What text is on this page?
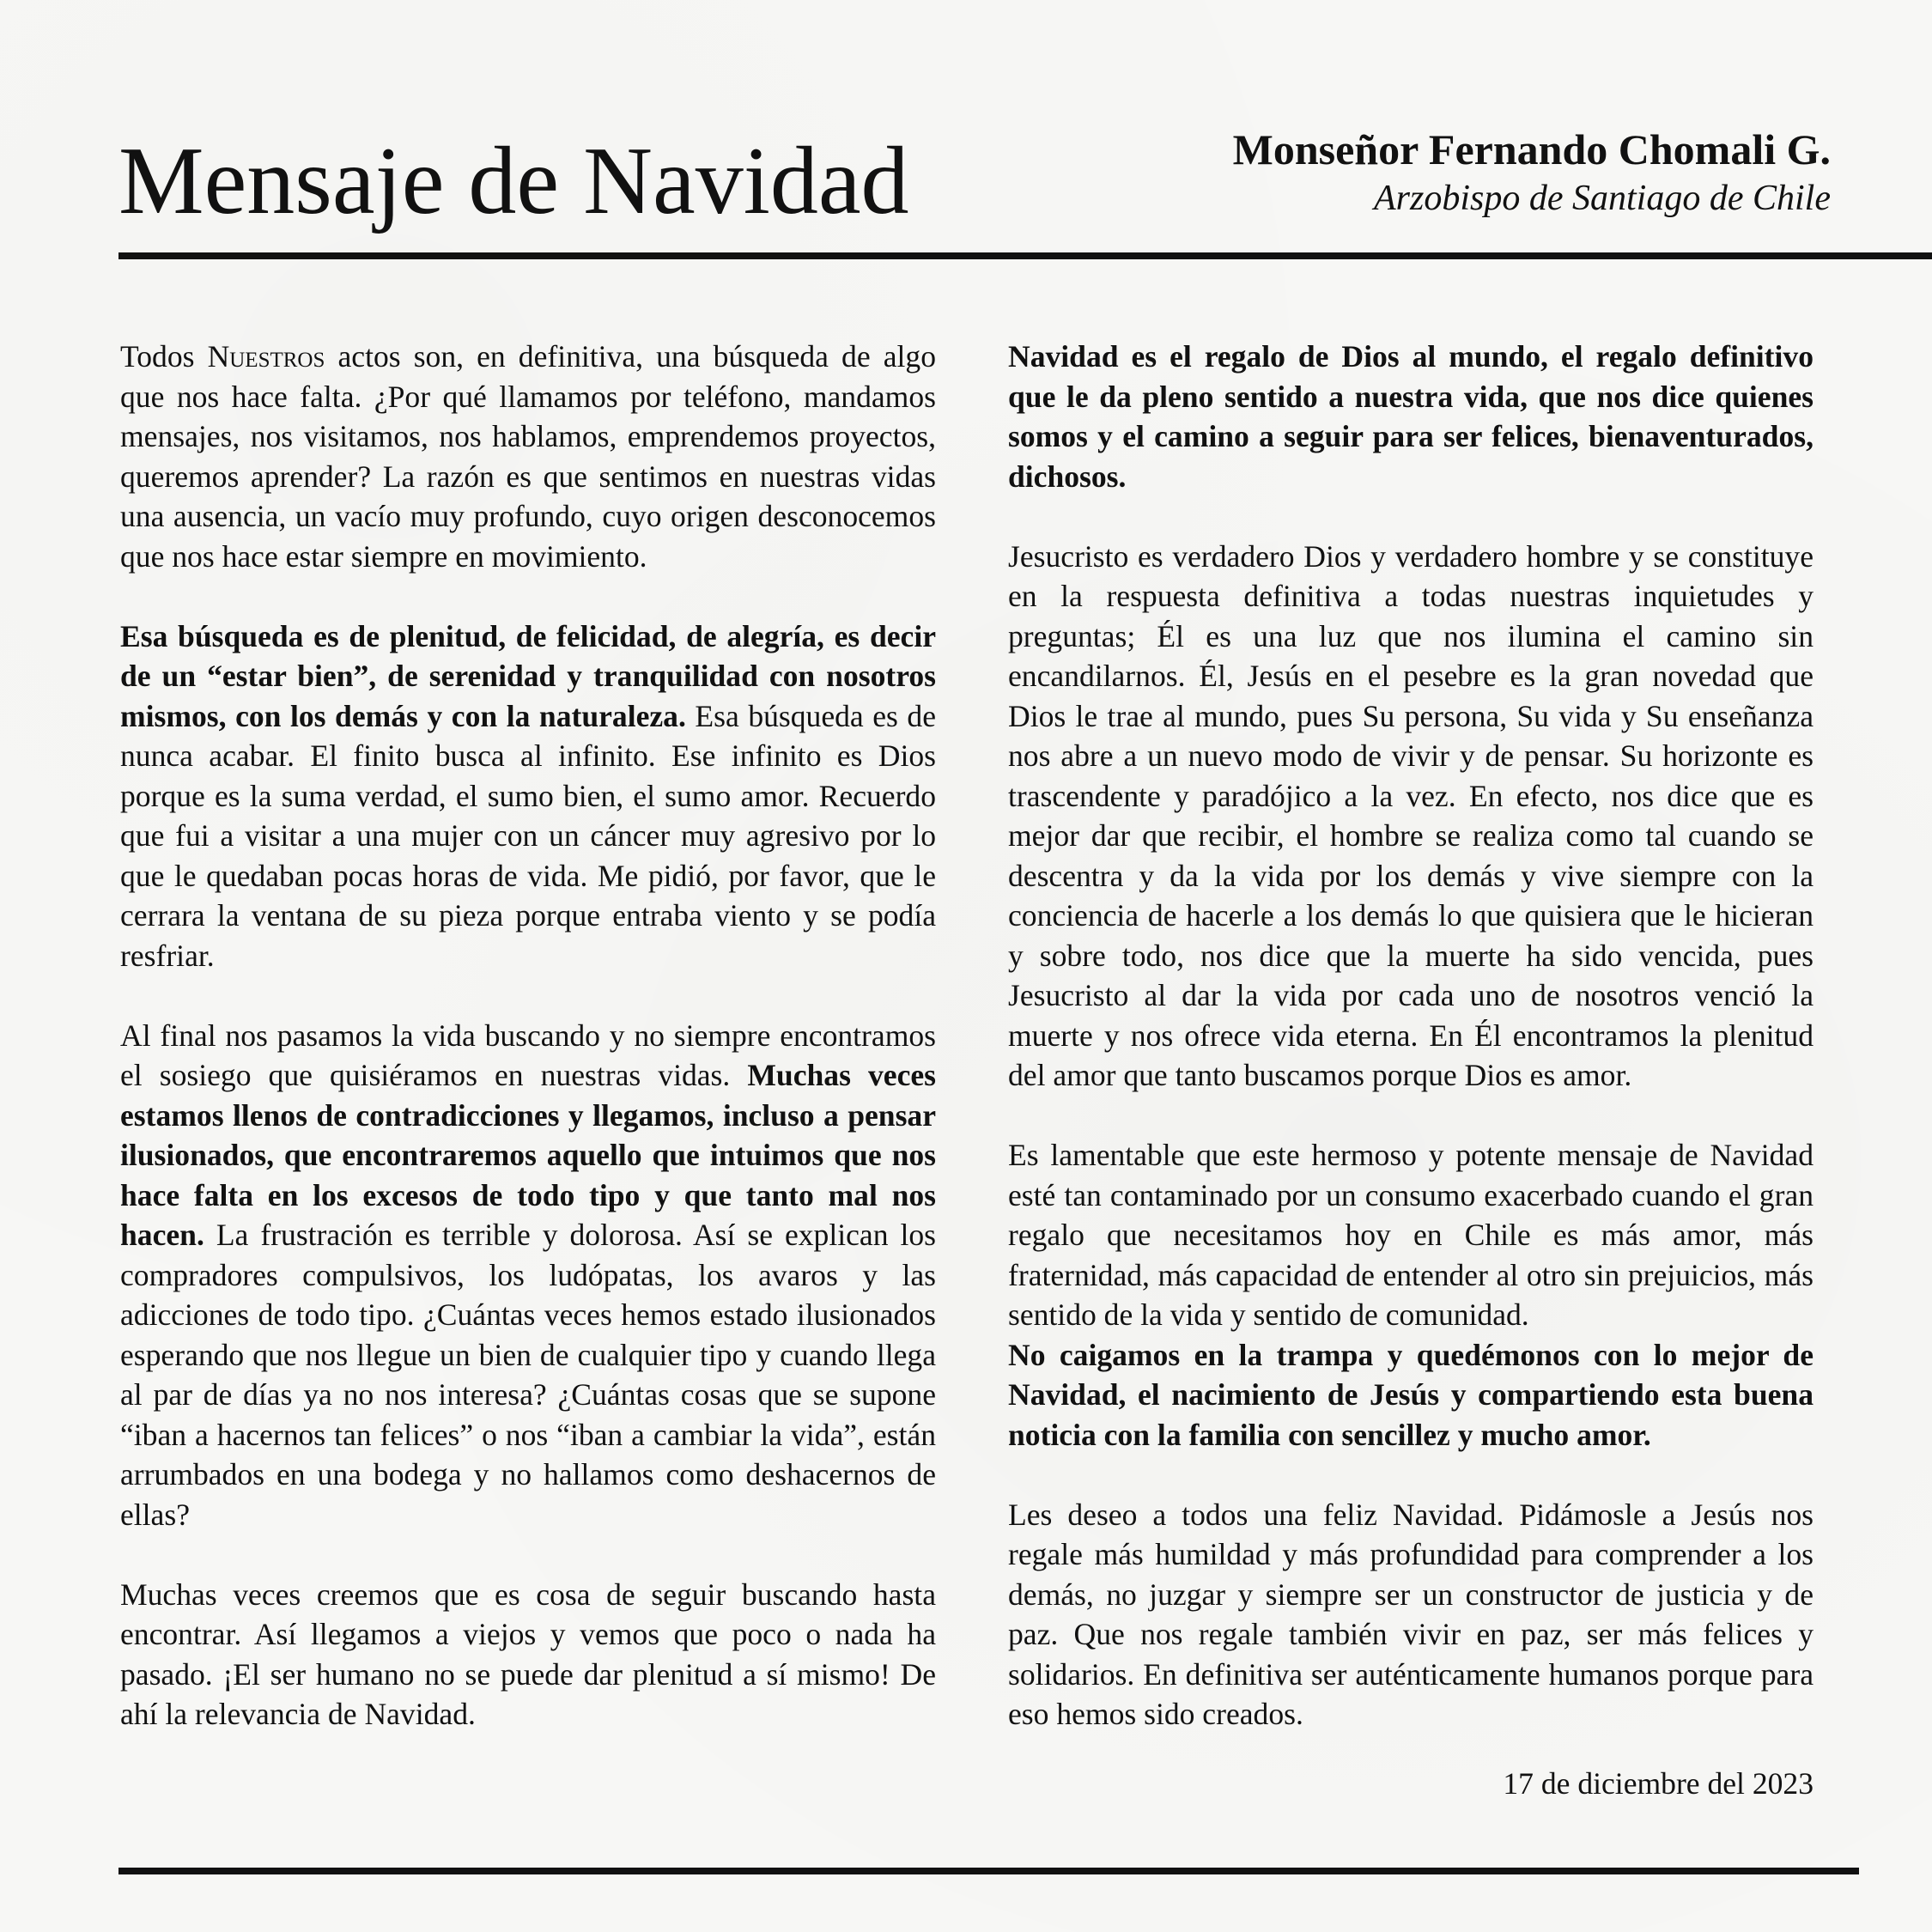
Mensaje de Navidad	Monseñor Fernando Chomali G.
Arzobispo de Santiago de Chile

Todos Nuestros actos son, en definitiva, una búsqueda de algo que nos hace falta. ¿Por qué llamamos por teléfono, mandamos mensajes, nos visitamos, nos hablamos, emprendemos proyectos, queremos aprender? La razón es que sentimos en nuestras vidas una ausencia, un vacío muy profundo, cuyo origen desconocemos que nos hace estar siempre en movimiento.

Esa búsqueda es de plenitud, de felicidad, de alegría, es decir de un “estar bien”, de serenidad y tranquilidad con nosotros mismos, con los demás y con la naturaleza. Esa búsqueda es de nunca acabar. El finito busca al infinito. Ese infinito es Dios porque es la suma verdad, el sumo bien, el sumo amor. Recuerdo que fui a visitar a una mujer con un cáncer muy agresivo por lo que le quedaban pocas horas de vida. Me pidió, por favor, que le cerrara la ventana de su pieza porque entraba viento y se podía resfriar.

Al final nos pasamos la vida buscando y no siempre encontramos el sosiego que quisiéramos en nuestras vidas. Muchas veces estamos llenos de contradicciones y llegamos, incluso a pensar ilusionados, que encontraremos aquello que intuimos que nos hace falta en los excesos de todo tipo y que tanto mal nos hacen. La frustración es terrible y dolorosa. Así se explican los compradores compulsivos, los ludópatas, los avaros y las adicciones de todo tipo. ¿Cuántas veces hemos estado ilusionados esperando que nos llegue un bien de cualquier tipo y cuando llega al par de días ya no nos interesa? ¿Cuántas cosas que se supone “iban a hacernos tan felices” o nos “iban a cambiar la vida”, están arrumbados en una bodega y no hallamos como deshacernos de ellas?

Muchas veces creemos que es cosa de seguir buscando hasta encontrar. Así llegamos a viejos y vemos que poco o nada ha pasado. ¡El ser humano no se puede dar plenitud a sí mismo! De ahí la relevancia de Navidad.

Navidad es el regalo de Dios al mundo, el regalo definitivo que le da pleno sentido a nuestra vida, que nos dice quienes somos y el camino a seguir para ser felices, bienaventurados, dichosos.

Jesucristo es verdadero Dios y verdadero hombre y se constituye en la respuesta definitiva a todas nuestras inquietudes y preguntas; Él es una luz que nos ilumina el camino sin encandilarnos. Él, Jesús en el pesebre es la gran novedad que Dios le trae al mundo, pues Su persona, Su vida y Su enseñanza nos abre a un nuevo modo de vivir y de pensar. Su horizonte es trascendente y paradójico a la vez. En efecto, nos dice que es mejor dar que recibir, el hombre se realiza como tal cuando se descentra y da la vida por los demás y vive siempre con la conciencia de hacerle a los demás lo que quisiera que le hicieran y sobre todo, nos dice que la muerte ha sido vencida, pues Jesucristo al dar la vida por cada uno de nosotros venció la muerte y nos ofrece vida eterna. En Él encontramos la plenitud del amor que tanto buscamos porque Dios es amor.

Es lamentable que este hermoso y potente mensaje de Navidad esté tan contaminado por un consumo exacerbado cuando el gran regalo que necesitamos hoy en Chile es más amor, más fraternidad, más capacidad de entender al otro sin prejuicios, más sentido de la vida y sentido de comunidad.
No caigamos en la trampa y quedémonos con lo mejor de Navidad, el nacimiento de Jesús y compartiendo esta buena noticia con la familia con sencillez y mucho amor.

Les deseo a todos una feliz Navidad. Pidámosle a Jesús nos regale más humildad y más profundidad para comprender a los demás, no juzgar y siempre ser un constructor de justicia y de paz. Que nos regale también vivir en paz, ser más felices y solidarios. En definitiva ser auténticamente humanos porque para eso hemos sido creados.

17 de diciembre del 2023
